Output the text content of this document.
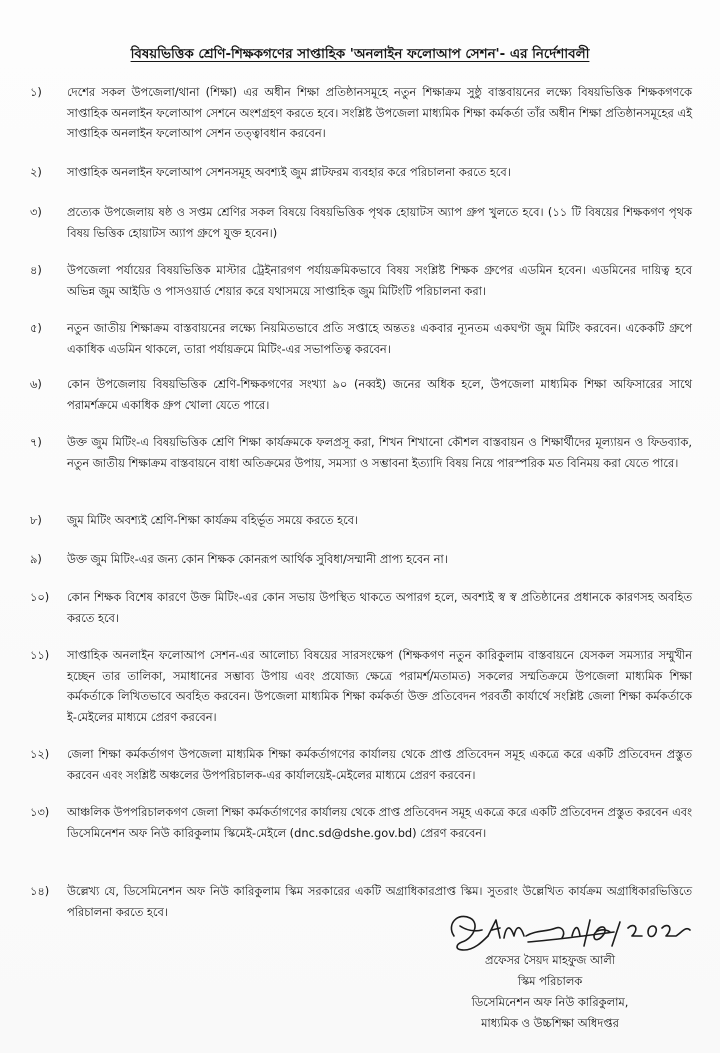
বিষয়ভিত্তিক শ্রেণি-শিক্ষকগণের সাপ্তাহিক 'অনলাইন ফলোআপ সেশন'- এর নির্দেশাবলী
১)	দেশের সকল উপজেলা/থানা (শিক্ষা) এর অধীন শিক্ষা প্রতিষ্ঠানসমূহে নতুন শিক্ষাক্রম সুষ্ঠু বাস্তবায়নের লক্ষ্যে বিষয়ভিত্তিক শিক্ষকগণকে সাপ্তাহিক অনলাইন ফলোআপ সেশনে অংশগ্রহণ করতে হবে। সংশ্লিষ্ট উপজেলা মাধ্যমিক শিক্ষা কর্মকর্তা তাঁর অধীন শিক্ষা প্রতিষ্ঠানসমূহের এই সাপ্তাহিক অনলাইন ফলোআপ সেশন তত্ত্বাবধান করবেন।
২)	সাপ্তাহিক অনলাইন ফলোআপ সেশনসমূহ অবশ্যই জুম প্লাটফরম ব্যবহার করে পরিচালনা করতে হবে।
৩)	প্রত্যেক উপজেলায় ষষ্ঠ ও সপ্তম শ্রেণির সকল বিষয়ে বিষয়ভিত্তিক পৃথক হোয়াটস অ্যাপ গ্রুপ খুলতে হবে। (১১ টি বিষয়ের শিক্ষকগণ পৃথক বিষয় ভিত্তিক হোয়াটস অ্যাপ গ্রুপে যুক্ত হবেন।)
৪)	উপজেলা পর্যায়ের বিষয়ভিত্তিক মাস্টার ট্রেইনারগণ পর্যায়ক্রমিকভাবে বিষয় সংশ্লিষ্ট শিক্ষক গ্রুপের এডমিন হবেন। এডমিনের দায়িত্ব হবে অভিন্ন জুম আইডি ও পাসওয়ার্ড শেয়ার করে যথাসময়ে সাপ্তাহিক জুম মিটিংটি পরিচালনা করা।
৫)	নতুন জাতীয় শিক্ষাক্রম বাস্তবায়নের লক্ষ্যে নিয়মিতভাবে প্রতি সপ্তাহে অন্ততঃ একবার ন্যূনতম একঘণ্টা জুম মিটিং করবেন। একেকটি গ্রুপে একাধিক এডমিন থাকলে, তারা পর্যায়ক্রমে মিটিং-এর সভাপতিত্ব করবেন।
৬)	কোন উপজেলায় বিষয়ভিত্তিক শ্রেণি-শিক্ষকগণের সংখ্যা ৯০ (নব্বই) জনের অধিক হলে, উপজেলা মাধ্যমিক শিক্ষা অফিসারের সাথে পরামর্শক্রমে একাধিক গ্রুপ খোলা যেতে পারে।
৭)	উক্ত জুম মিটিং-এ বিষয়ভিত্তিক শ্রেণি শিক্ষা কার্যক্রমকে ফলপ্রসূ করা, শিখন শিখানো কৌশল বাস্তবায়ন ও শিক্ষার্থীদের মূল্যায়ন ও ফিডব্যাক, নতুন জাতীয় শিক্ষাক্রম বাস্তবায়নে বাধা অতিক্রমের উপায়, সমস্যা ও সম্ভাবনা ইত্যাদি বিষয় নিয়ে পারস্পরিক মত বিনিময় করা যেতে পারে।
৮)	জুম মিটিং অবশ্যই শ্রেণি-শিক্ষা কার্যক্রম বহির্ভূত সময়ে করতে হবে।
৯)	উক্ত জুম মিটিং-এর জন্য কোন শিক্ষক কোনরূপ আর্থিক সুবিধা/সম্মানী প্রাপ্য হবেন না।
১০)	কোন শিক্ষক বিশেষ কারণে উক্ত মিটিং-এর কোন সভায় উপস্থিত থাকতে অপারগ হলে, অবশ্যই স্ব স্ব প্রতিষ্ঠানের প্রধানকে কারণসহ অবহিত করতে হবে।
১১)	সাপ্তাহিক অনলাইন ফলোআপ সেশন-এর আলোচ্য বিষয়ের সারসংক্ষেপ (শিক্ষকগণ নতুন কারিকুলাম বাস্তবায়নে যেসকল সমস্যার সম্মুখীন হচ্ছেন তার তালিকা, সমাধানের সম্ভাব্য উপায় এবং প্রযোজ্য ক্ষেত্রে পরামর্শ/মতামত) সকলের সম্মতিক্রমে উপজেলা মাধ্যমিক শিক্ষা কর্মকর্তাকে লিখিতভাবে অবহিত করবেন। উপজেলা মাধ্যমিক শিক্ষা কর্মকর্তা উক্ত প্রতিবেদন পরবর্তী কার্যার্থে সংশ্লিষ্ট জেলা শিক্ষা কর্মকর্তাকে ই-মেইলের মাধ্যমে প্রেরণ করবেন।
১২)	জেলা শিক্ষা কর্মকর্তাগণ উপজেলা মাধ্যমিক শিক্ষা কর্মকর্তাগণের কার্যালয় থেকে প্রাপ্ত প্রতিবেদন সমূহ একত্রে করে একটি প্রতিবেদন প্রস্তুত করবেন এবং সংশ্লিষ্ট অঞ্চলের উপপরিচালক-এর কার্যালয়েই-মেইলের মাধ্যমে প্রেরণ করবেন।
১৩)	আঞ্চলিক উপপরিচালকগণ জেলা শিক্ষা কর্মকর্তাগণের কার্যালয় থেকে প্রাপ্ত প্রতিবেদন সমূহ একত্রে করে একটি প্রতিবেদন প্রস্তুত করবেন এবং ডিসেমিনেশন অফ নিউ কারিকুলাম স্কিমেই-মেইলে (dnc.sd@dshe.gov.bd) প্রেরণ করবেন।
১৪)	উল্লেখ্য যে, ডিসেমিনেশন অফ নিউ কারিকুলাম স্কিম সরকারের একটি অগ্রাধিকারপ্রাপ্ত স্কিম। সুতরাং উল্লেখিত কার্যক্রম অগ্রাধিকারভিত্তিতে পরিচালনা করতে হবে।
প্রফেসর সৈয়দ মাহফুজ আলী
স্কিম পরিচালক
ডিসেমিনেশন অফ নিউ কারিকুলাম,
মাধ্যমিক ও উচ্চশিক্ষা অধিদপ্তর
